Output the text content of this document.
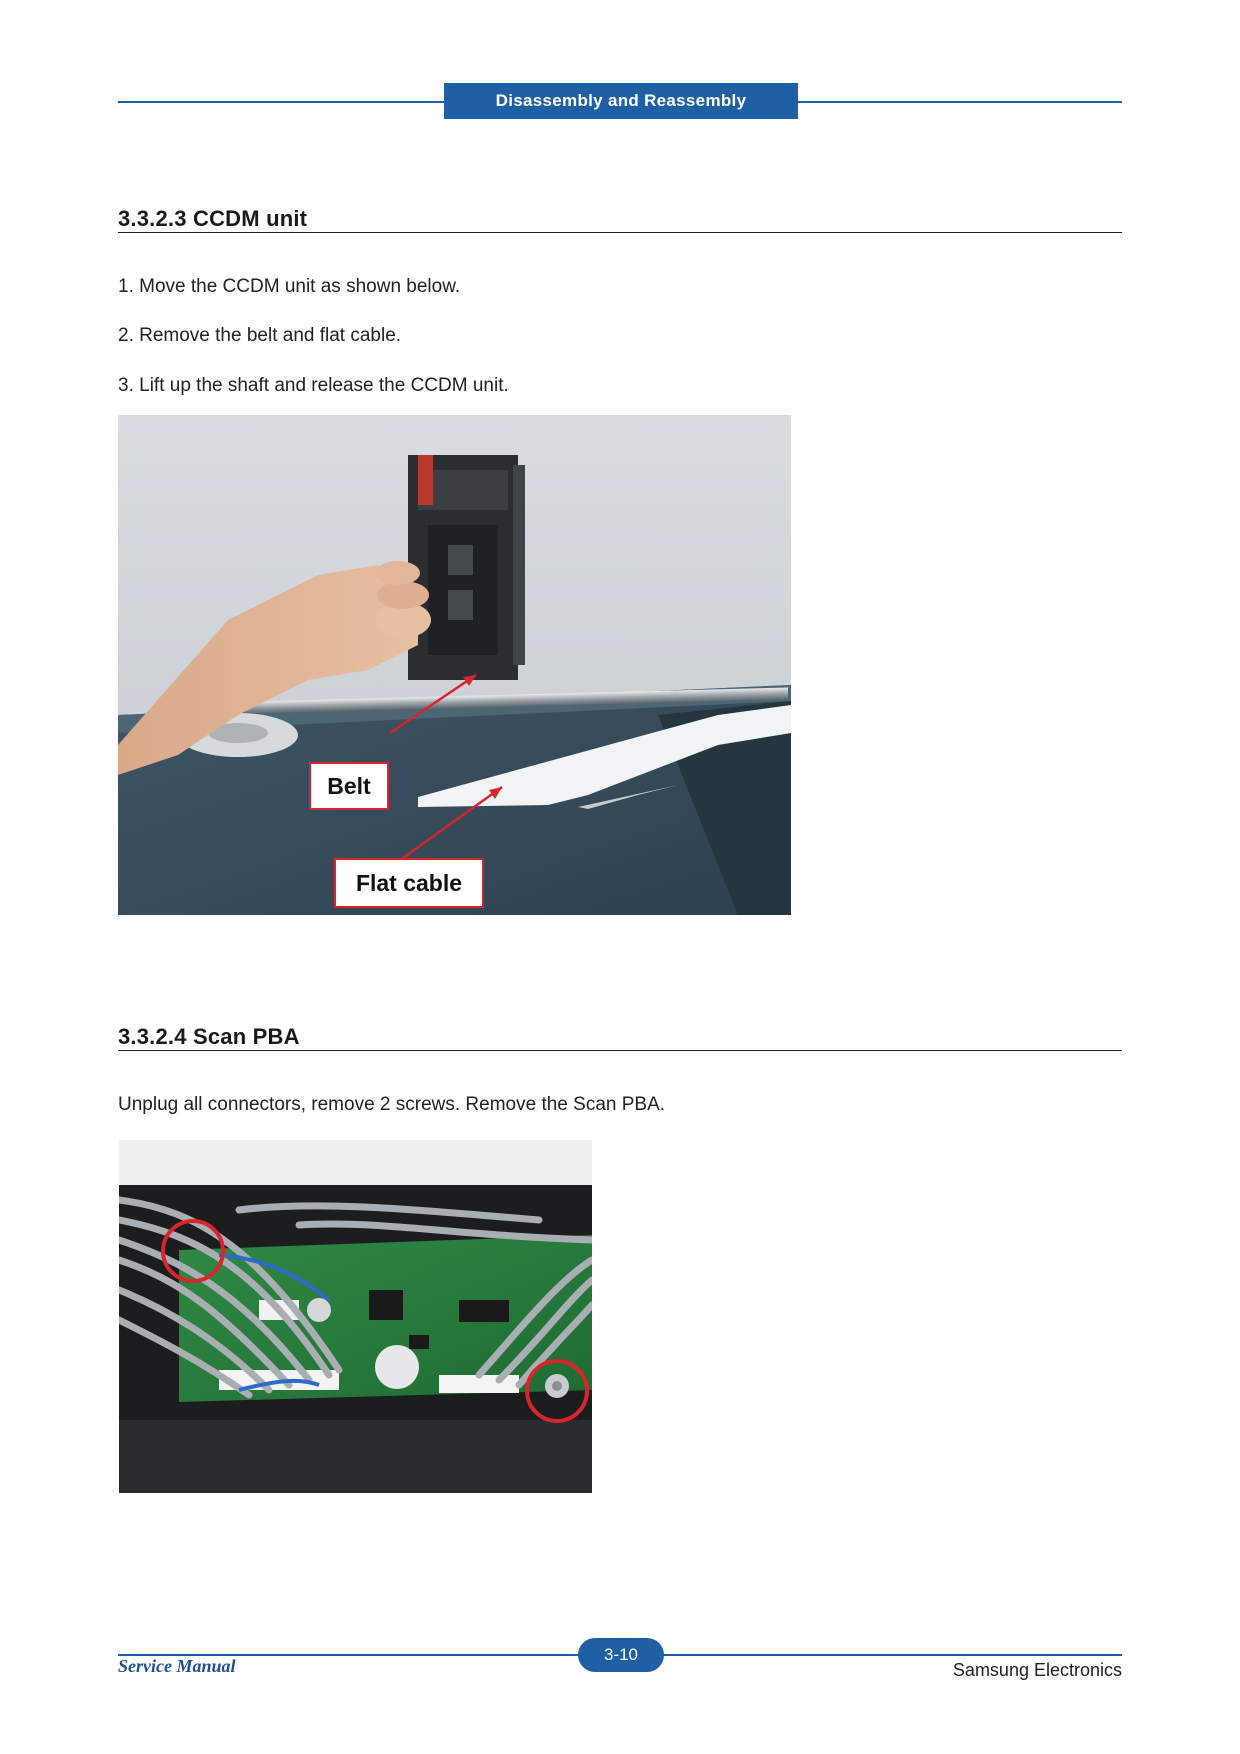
Disassembly and Reassembly
3.3.2.3 CCDM unit
1. Move the CCDM unit as shown below.
2. Remove the belt and flat cable.
3. Lift up the shaft and release the CCDM unit.
Belt
Flat cable
3.3.2.4 Scan PBA
Unplug all connectors, remove 2 screws. Remove the Scan PBA.
3-10
Service Manual	Samsung Electronics
